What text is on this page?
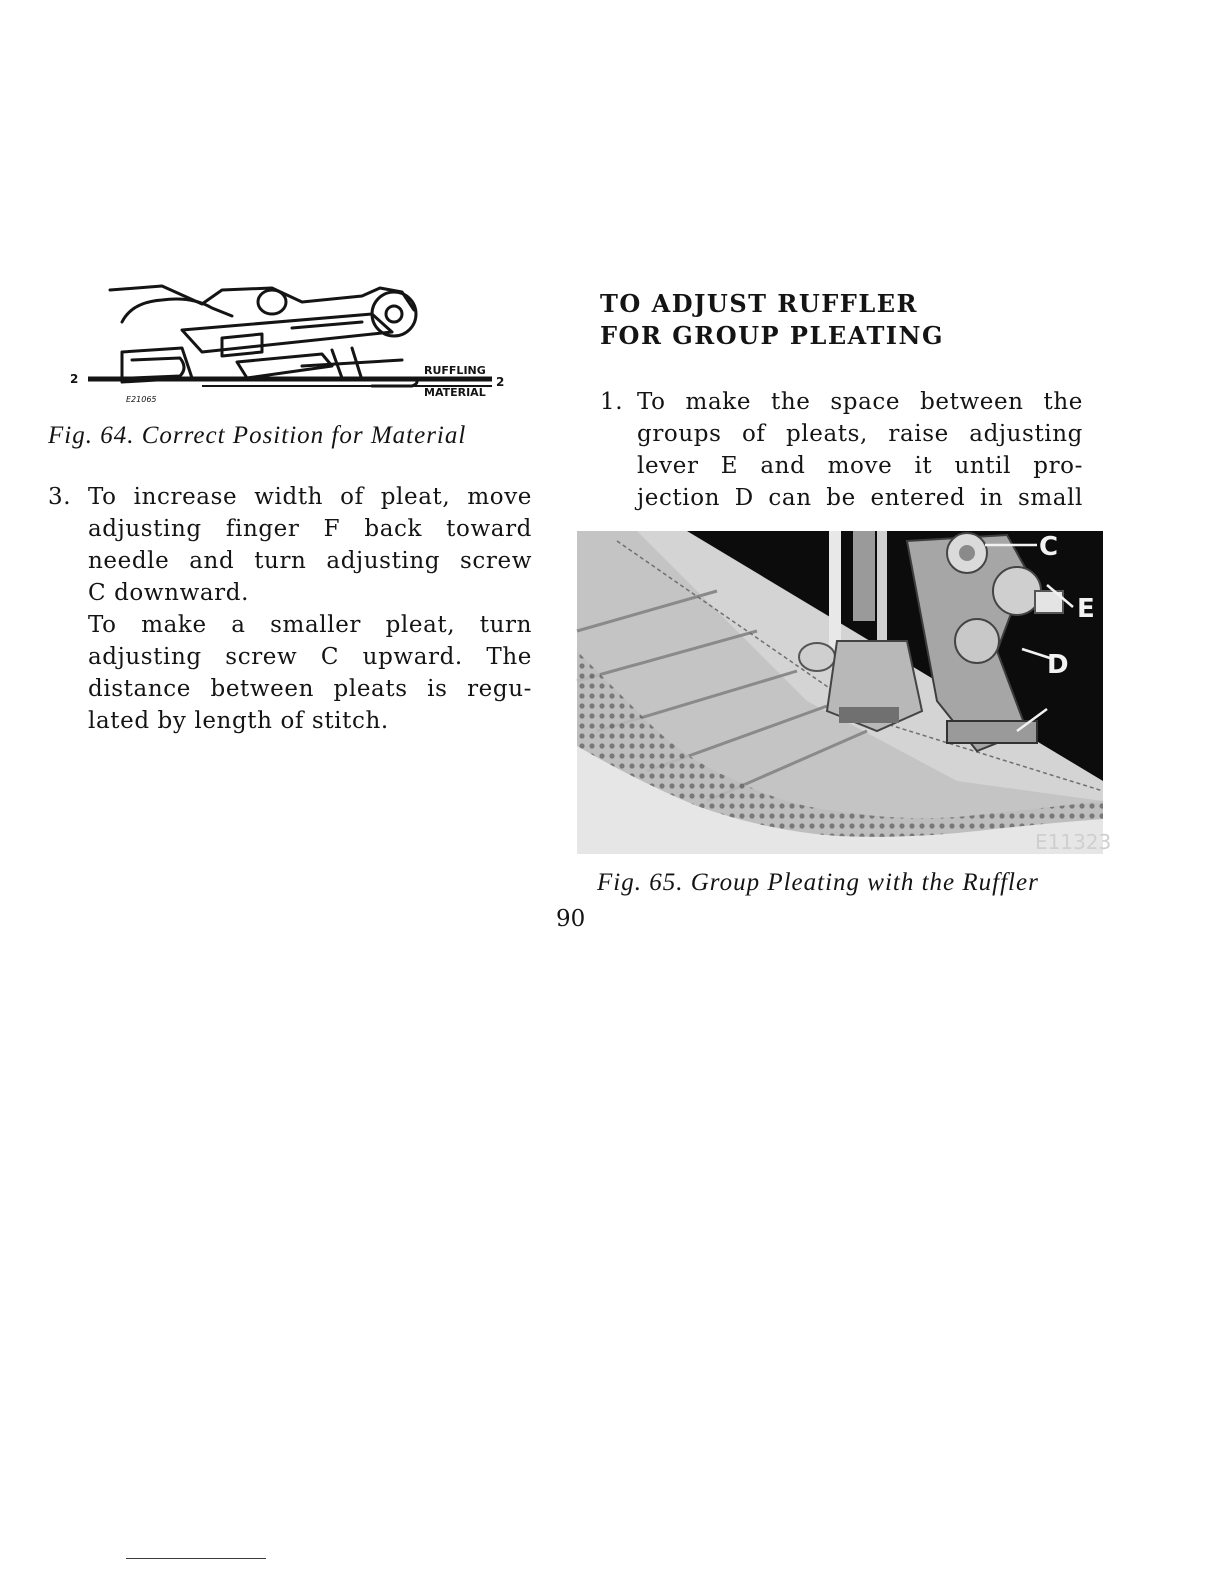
2	2
RUFFLING
MATERIAL
E21065
Fig. 64. Correct Position for Material
3. To increase width of pleat, move
adjusting finger F back toward
needle and turn adjusting screw
C downward.
To make a smaller pleat, turn
adjusting screw C upward. The
distance between pleats is regu-
lated by length of stitch.
TO ADJUST RUFFLER
FOR GROUP PLEATING
1. To make the space between the
groups of pleats, raise adjusting
lever E and move it until pro-
jection D can be entered in small
C
E
D
E11323
Fig. 65. Group Pleating with the Ruffler
90
